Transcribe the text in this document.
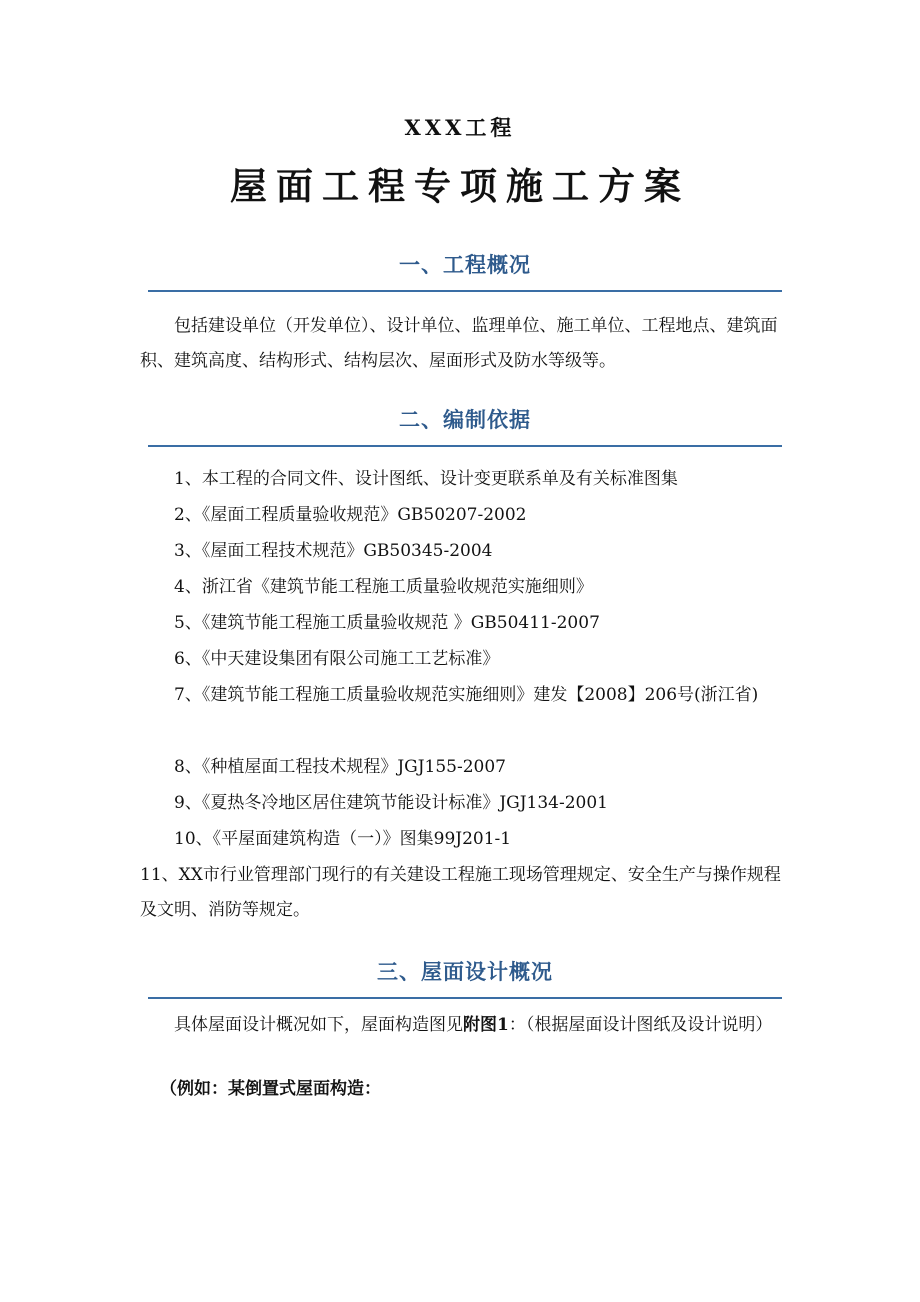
XXX工程
屋面工程专项施工方案
一、工程概况
包括建设单位（开发单位）、设计单位、监理单位、施工单位、工程地点、建筑面积、建筑高度、结构形式、结构层次、屋面形式及防水等级等。
二、编制依据
1、本工程的合同文件、设计图纸、设计变更联系单及有关标准图集
2、《屋面工程质量验收规范》GB50207-2002
3、《屋面工程技术规范》GB50345-2004
4、浙江省《建筑节能工程施工质量验收规范实施细则》
5、《建筑节能工程施工质量验收规范 》GB50411-2007
6、《中天建设集团有限公司施工工艺标准》
7、《建筑节能工程施工质量验收规范实施细则》建发【2008】206号(浙江省)
8、《种植屋面工程技术规程》JGJ155-2007
9、《夏热冬冷地区居住建筑节能设计标准》JGJ134-2001
10、《平屋面建筑构造（一）》图集99J201-1
11、XX市行业管理部门现行的有关建设工程施工现场管理规定、安全生产与操作规程及文明、消防等规定。
三、屋面设计概况
具体屋面设计概况如下，屋面构造图见附图1：（根据屋面设计图纸及设计说明）
（例如：某倒置式屋面构造：
